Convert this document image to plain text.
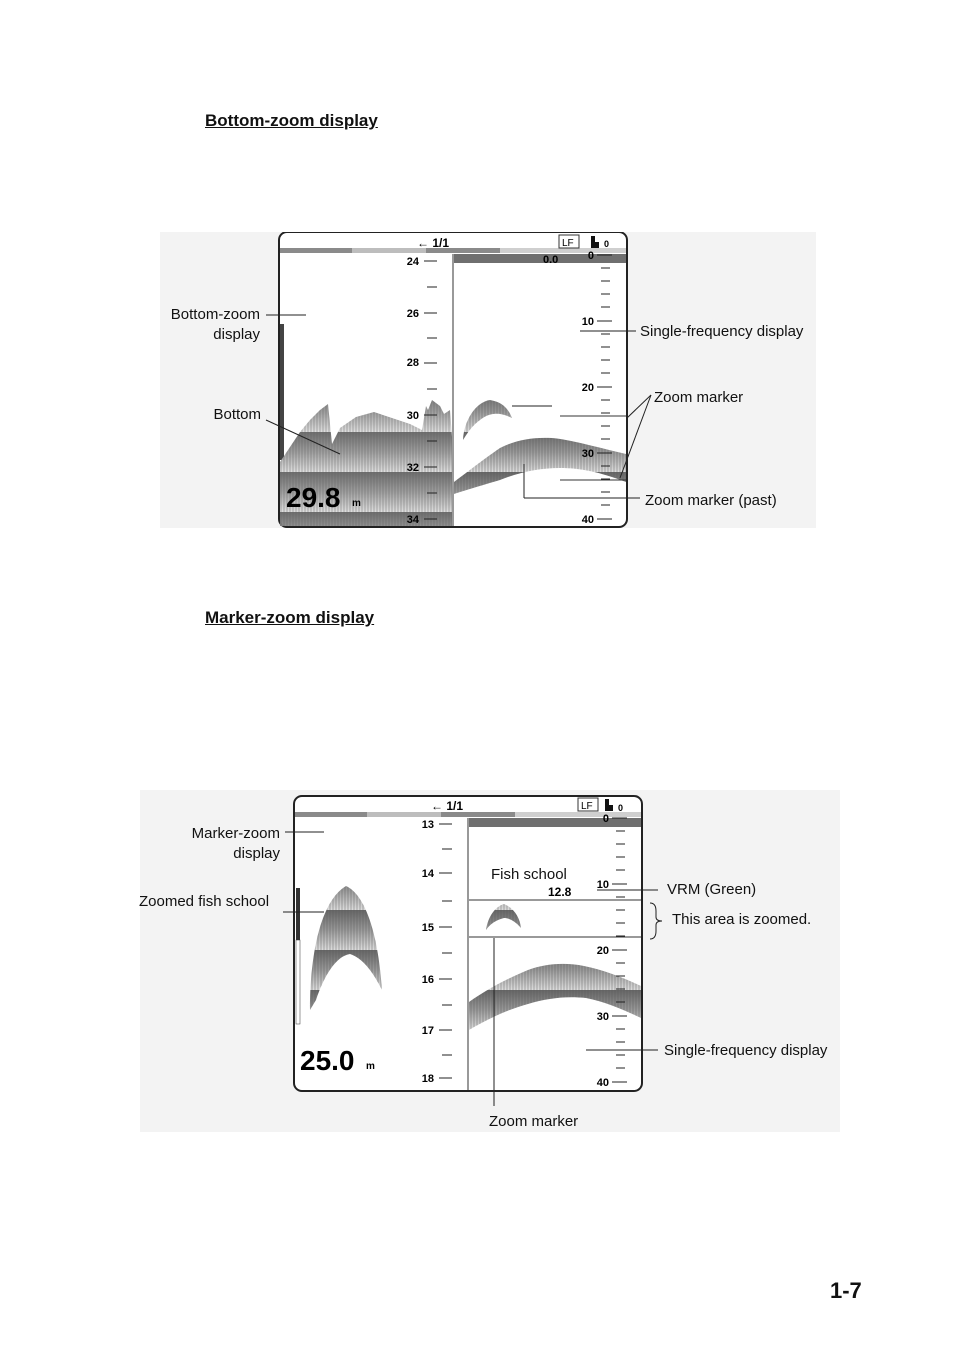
Bottom-zoom display
← 1/1	LF	0
0.0
24
26
28
30
32
34
0
10
20
30
40
29.8 m
Bottom-zoom
display
Bottom
Single-frequency display
Zoom marker
Zoom marker (past)
Marker-zoom display
← 1/1	LF	0
13
14
15
16
17
18
12.8
0
10
20
30
40
25.0 m
Marker-zoom
display
Zoomed fish school
Fish school
VRM (Green)
This area is zoomed.
Single-frequency display
Zoom marker
1-7
